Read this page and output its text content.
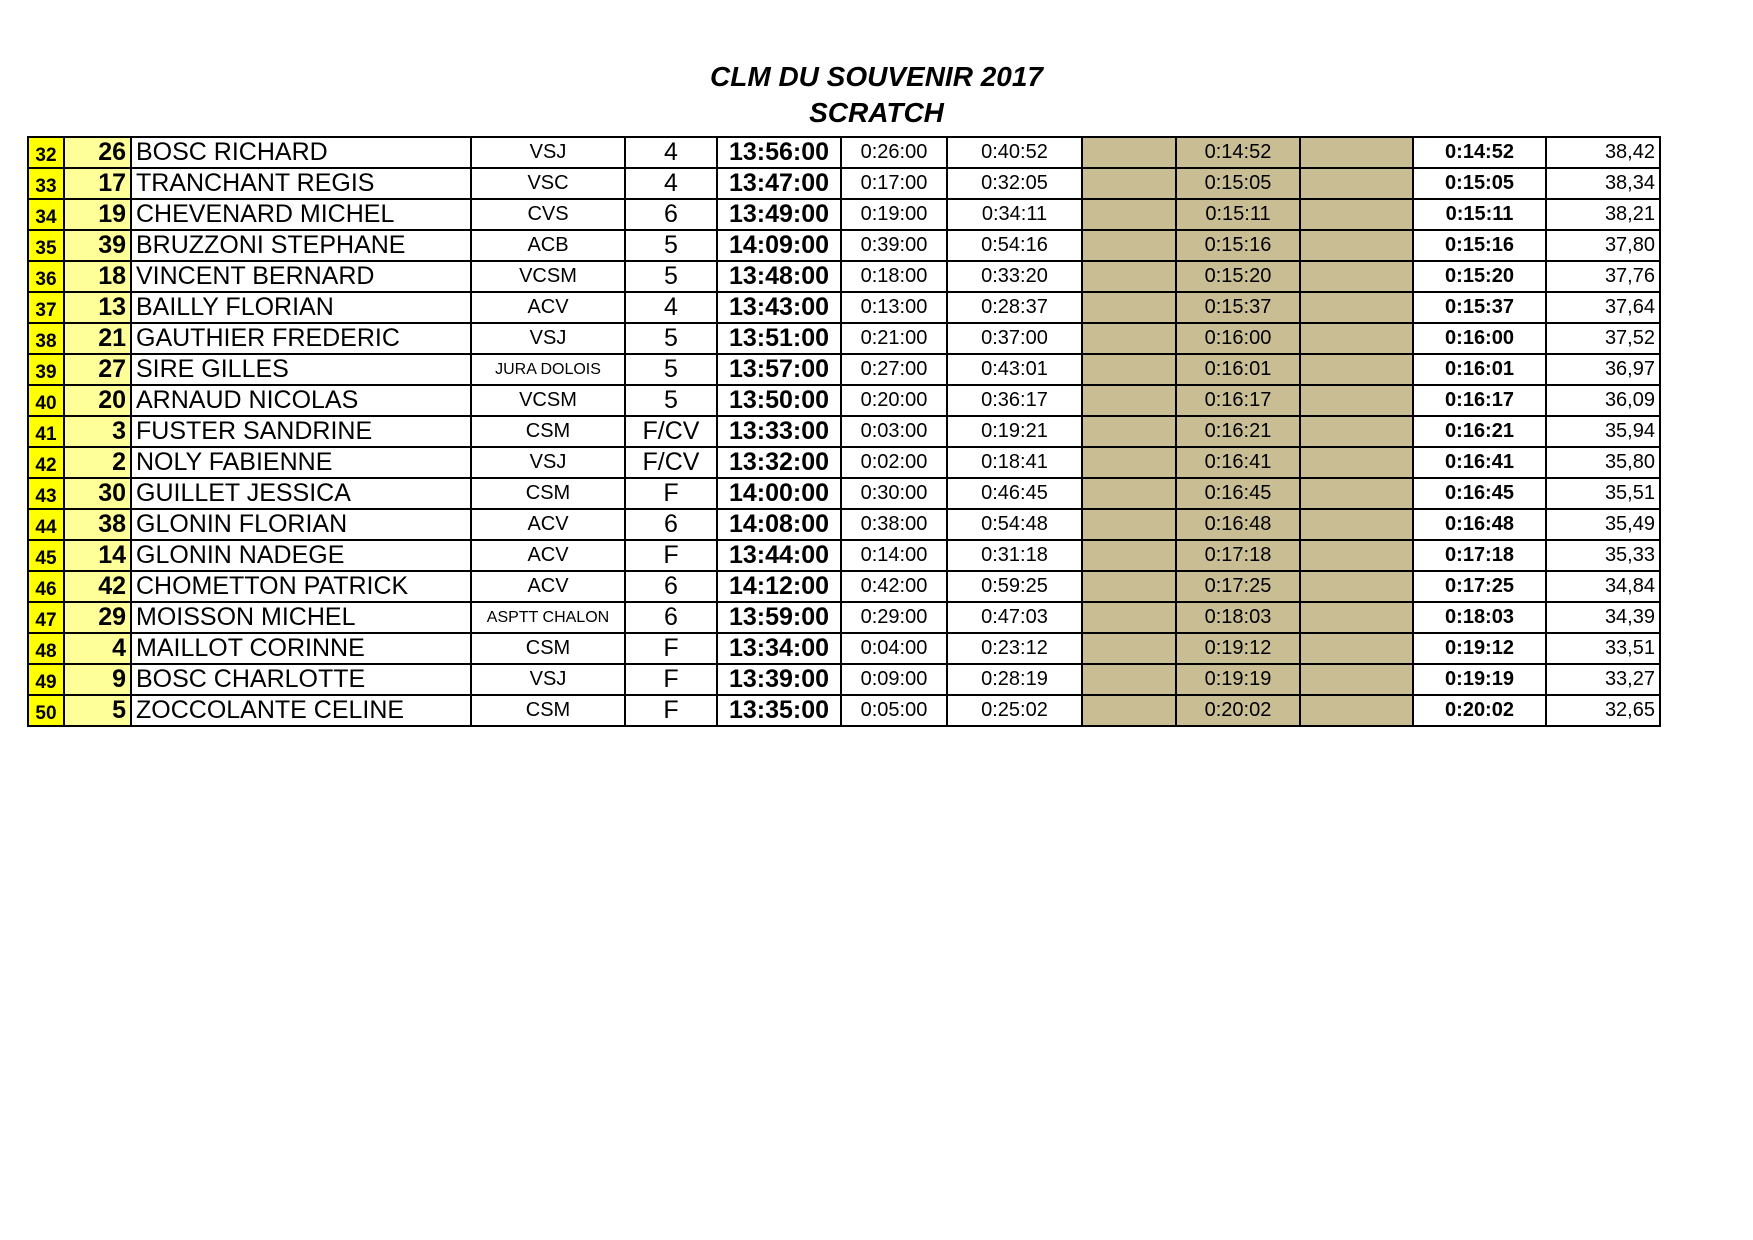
CLM DU SOUVENIR 2017
SCRATCH
32	26	BOSC RICHARD	VSJ	4	13:56:00	0:26:00	0:40:52		0:14:52		0:14:52	38,42
33	17	TRANCHANT REGIS	VSC	4	13:47:00	0:17:00	0:32:05		0:15:05		0:15:05	38,34
34	19	CHEVENARD MICHEL	CVS	6	13:49:00	0:19:00	0:34:11		0:15:11		0:15:11	38,21
35	39	BRUZZONI STEPHANE	ACB	5	14:09:00	0:39:00	0:54:16		0:15:16		0:15:16	37,80
36	18	VINCENT BERNARD	VCSM	5	13:48:00	0:18:00	0:33:20		0:15:20		0:15:20	37,76
37	13	BAILLY FLORIAN	ACV	4	13:43:00	0:13:00	0:28:37		0:15:37		0:15:37	37,64
38	21	GAUTHIER FREDERIC	VSJ	5	13:51:00	0:21:00	0:37:00		0:16:00		0:16:00	37,52
39	27	SIRE GILLES	JURA DOLOIS	5	13:57:00	0:27:00	0:43:01		0:16:01		0:16:01	36,97
40	20	ARNAUD NICOLAS	VCSM	5	13:50:00	0:20:00	0:36:17		0:16:17		0:16:17	36,09
41	3	FUSTER SANDRINE	CSM	F/CV	13:33:00	0:03:00	0:19:21		0:16:21		0:16:21	35,94
42	2	NOLY FABIENNE	VSJ	F/CV	13:32:00	0:02:00	0:18:41		0:16:41		0:16:41	35,80
43	30	GUILLET JESSICA	CSM	F	14:00:00	0:30:00	0:46:45		0:16:45		0:16:45	35,51
44	38	GLONIN FLORIAN	ACV	6	14:08:00	0:38:00	0:54:48		0:16:48		0:16:48	35,49
45	14	GLONIN NADEGE	ACV	F	13:44:00	0:14:00	0:31:18		0:17:18		0:17:18	35,33
46	42	CHOMETTON PATRICK	ACV	6	14:12:00	0:42:00	0:59:25		0:17:25		0:17:25	34,84
47	29	MOISSON MICHEL	ASPTT CHALON	6	13:59:00	0:29:00	0:47:03		0:18:03		0:18:03	34,39
48	4	MAILLOT CORINNE	CSM	F	13:34:00	0:04:00	0:23:12		0:19:12		0:19:12	33,51
49	9	BOSC CHARLOTTE	VSJ	F	13:39:00	0:09:00	0:28:19		0:19:19		0:19:19	33,27
50	5	ZOCCOLANTE CELINE	CSM	F	13:35:00	0:05:00	0:25:02		0:20:02		0:20:02	32,65
